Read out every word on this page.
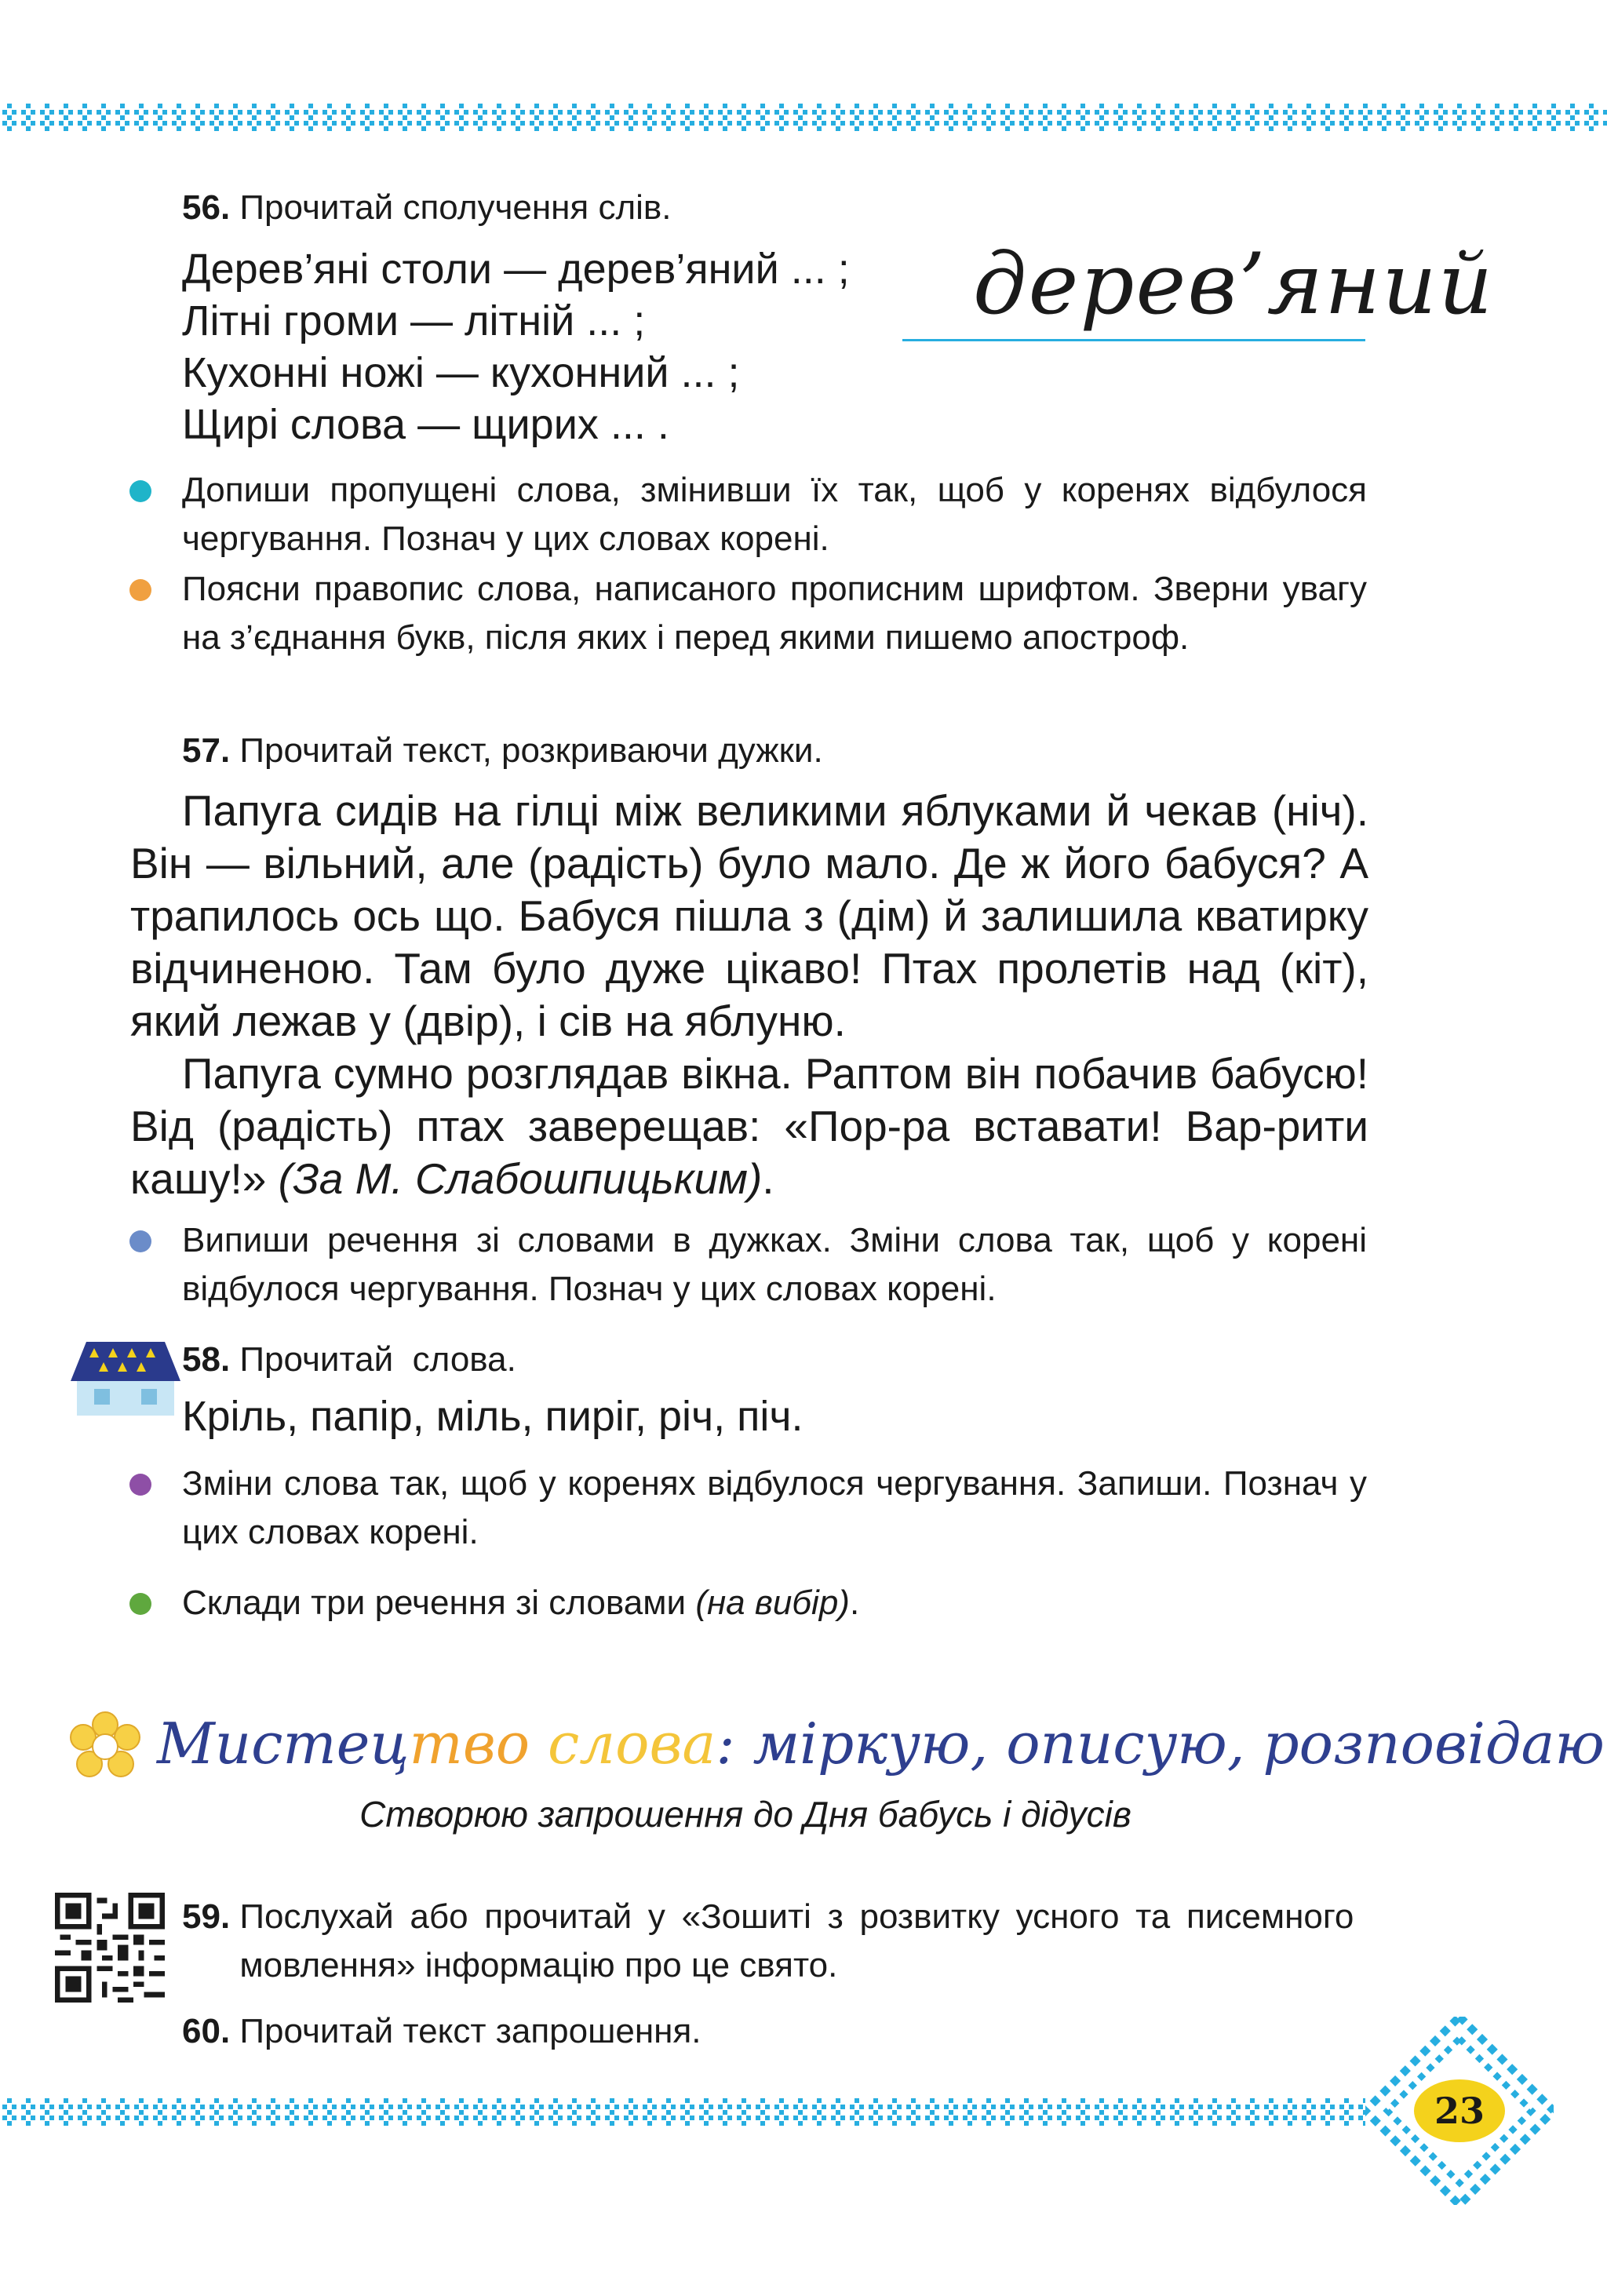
56. Прочитай сполучення слів.
Дерев’яні столи — дерев’яний ... ;
Літні громи — літній ... ;
Кухонні ножі — кухонний ... ;
Щирі слова — щирих ... .
дерев’яний
Допиши пропущені слова, змінивши їх так, щоб у коренях відбулося чергування. Познач у цих словах корені.
Поясни правопис слова, написаного прописним шрифтом. Зверни увагу на з’єднання букв, після яких і перед якими пишемо апостроф.
57. Прочитай текст, розкриваючи дужки.

Папуга сидів на гілці між великими яблуками й чекав (ніч). Він — вільний, але (радість) було мало. Де ж його бабуся? А трапилось ось що. Бабуся пішла з (дім) й залишила кватирку відчиненою. Там було дуже цікаво! Птах пролетів над (кіт), який лежав у (двір), і сів на яблуню.

Папуга сумно розглядав вікна. Раптом він побачив бабусю! Від (радість) птах заверещав: «Пор-ра вставати! Вар-рити кашу!» (За М. Слабошпицьким).

Випиши речення зі словами в дужках. Зміни слова так, щоб у корені відбулося чергування. Познач у цих словах корені.
58. Прочитай  слова.
Кріль, папір, міль, пиріг, річ, піч.
Зміни слова так, щоб у коренях відбулося чергування. Запиши. Познач у цих словах корені.
Склади три речення зі словами (на вибір).
Мистецтво слова: міркую, описую, розповідаю
Створюю запрошення до Дня бабусь і дідусів
59. Послухай або прочитай у «Зошиті з розвитку усного та писемного мовлення» інформацію про це свято.
60. Прочитай текст запрошення.
23
